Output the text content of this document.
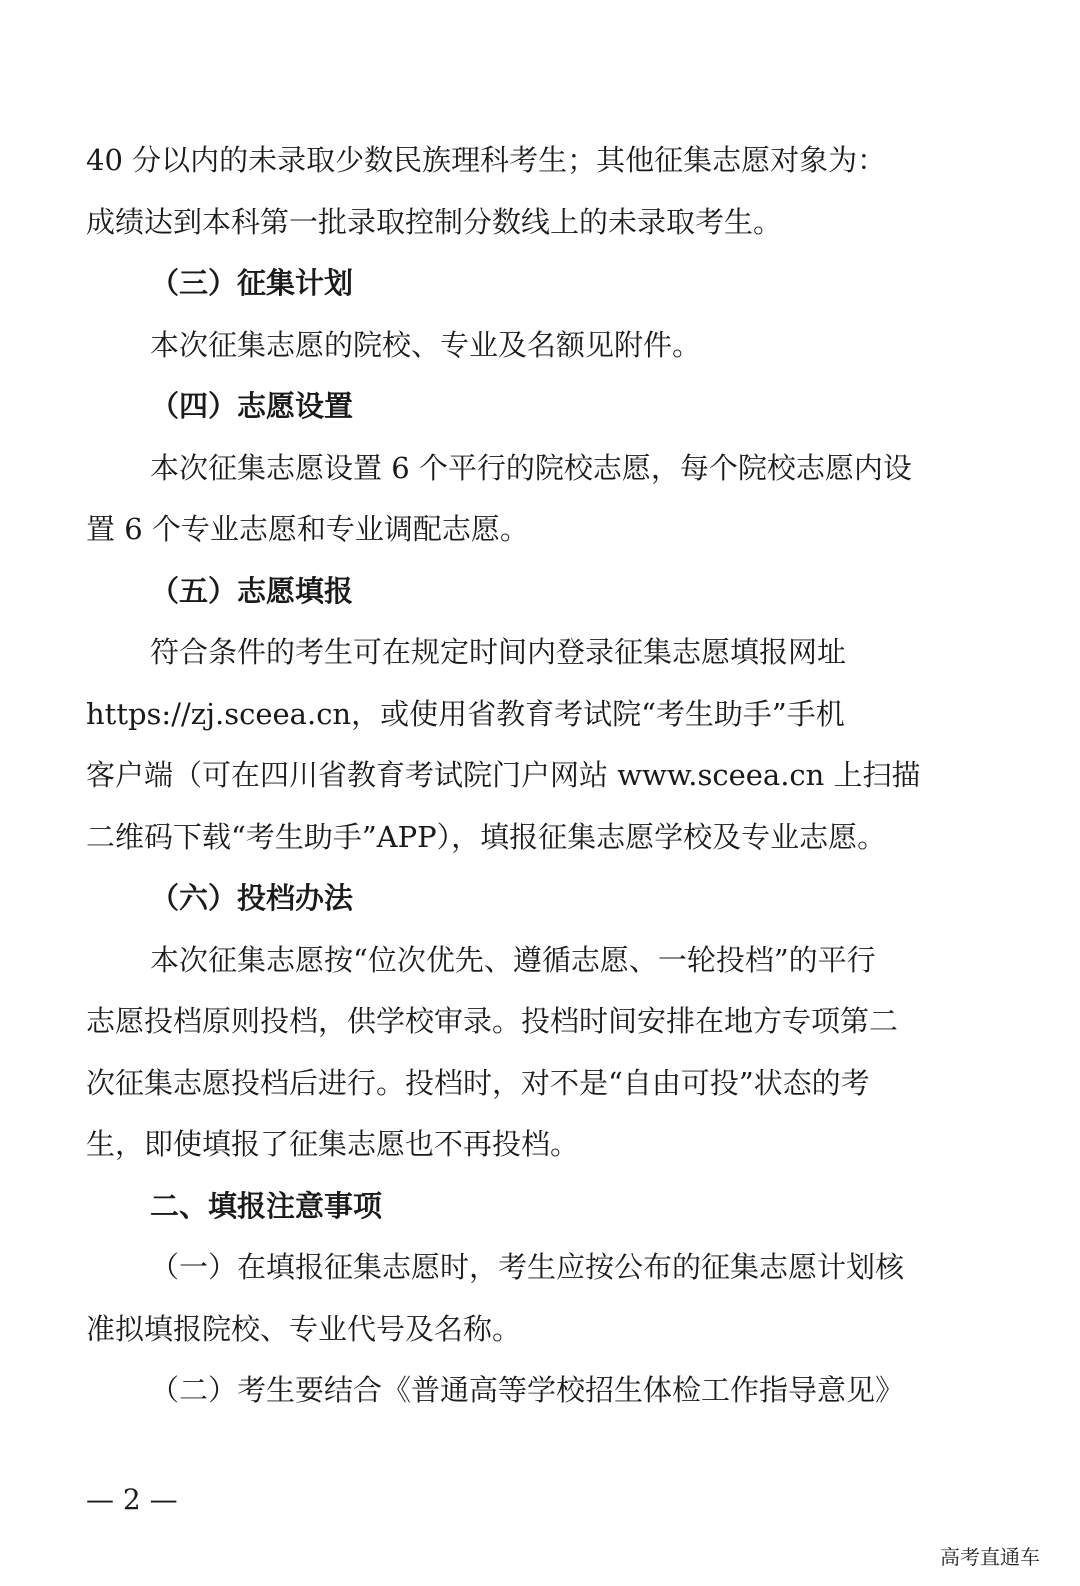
40 分以内的未录取少数民族理科考生；其他征集志愿对象为：
成绩达到本科第一批录取控制分数线上的未录取考生。
（三）征集计划
本次征集志愿的院校、专业及名额见附件。
（四）志愿设置
本次征集志愿设置 6 个平行的院校志愿，每个院校志愿内设
置 6 个专业志愿和专业调配志愿。
（五）志愿填报
符合条件的考生可在规定时间内登录征集志愿填报网址
https://zj.sceea.cn，或使用省教育考试院“考生助手”手机
客户端（可在四川省教育考试院门户网站 www.sceea.cn 上扫描
二维码下载“考生助手”APP），填报征集志愿学校及专业志愿。
（六）投档办法
本次征集志愿按“位次优先、遵循志愿、一轮投档”的平行
志愿投档原则投档，供学校审录。投档时间安排在地方专项第二
次征集志愿投档后进行。投档时，对不是“自由可投”状态的考
生，即使填报了征集志愿也不再投档。
二、填报注意事项
（一）在填报征集志愿时，考生应按公布的征集志愿计划核
准拟填报院校、专业代号及名称。
（二）考生要结合《普通高等学校招生体检工作指导意见》
— 2 —
高考直通车
